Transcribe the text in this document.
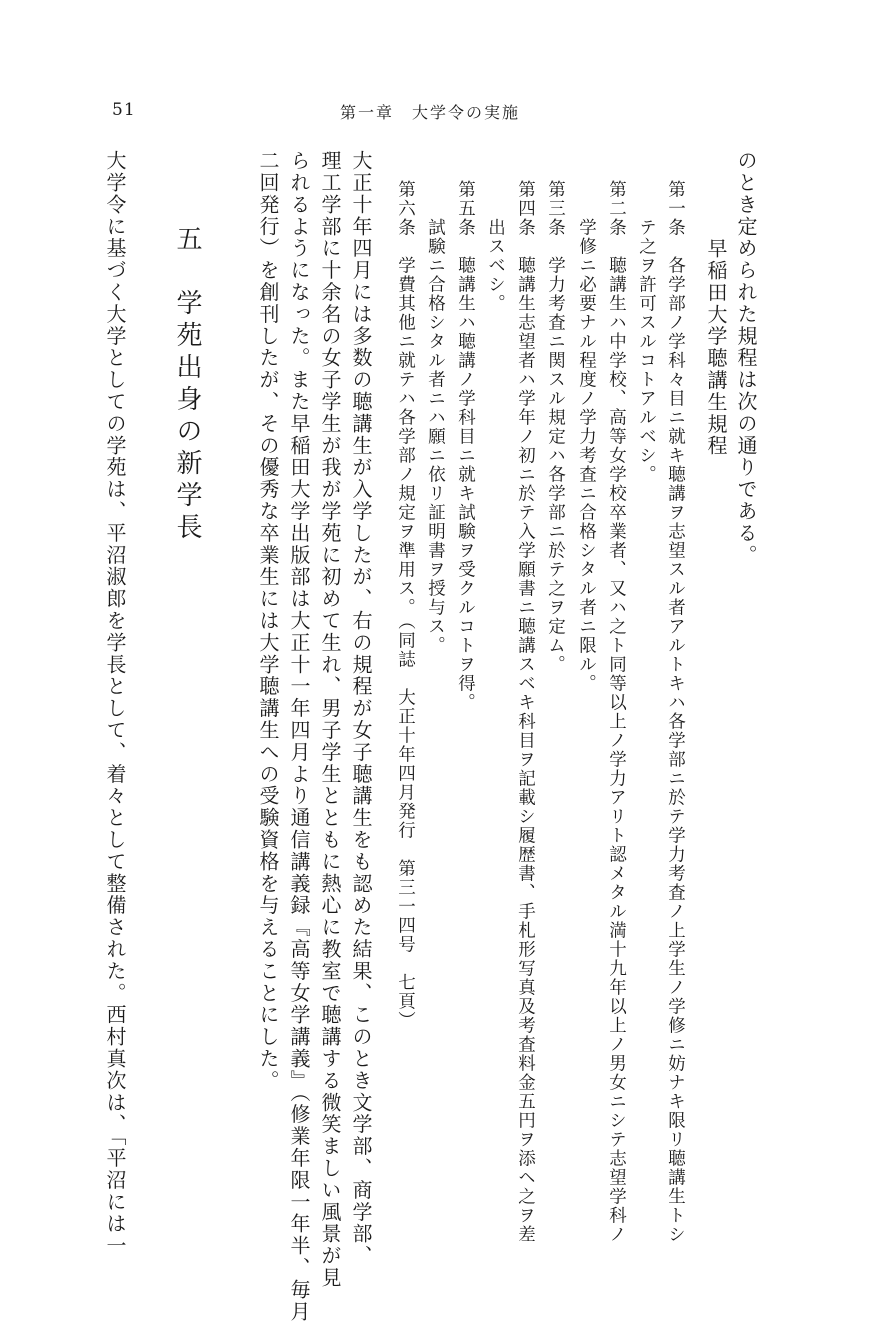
51	第一章　大学令の実施
のとき定められた規程は次の通りである。
早稲田大学聴講生規程
第一条　各学部ノ学科々目ニ就キ聴講ヲ志望スル者アルトキハ各学部ニ於テ学力考査ノ上学生ノ学修ニ妨ナキ限リ聴講生トシ
テ之ヲ許可スルコトアルベシ。
第二条　聴講生ハ中学校、高等女学校卒業者、又ハ之ト同等以上ノ学力アリト認メタル満十九年以上ノ男女ニシテ志望学科ノ
学修ニ必要ナル程度ノ学力考査ニ合格シタル者ニ限ル。
第三条　学力考査ニ関スル規定ハ各学部ニ於テ之ヲ定ム。
第四条　聴講生志望者ハ学年ノ初ニ於テ入学願書ニ聴講スベキ科目ヲ記載シ履歴書、手札形写真及考査料金五円ヲ添ヘ之ヲ差
出スベシ。
第五条　聴講生ハ聴講ノ学科目ニ就キ試験ヲ受クルコトヲ得。
試験ニ合格シタル者ニハ願ニ依リ証明書ヲ授与ス。
第六条　学費其他ニ就テハ各学部ノ規定ヲ準用ス。
（同誌　大正十年四月発行　第三一四号　七頁）
大正十年四月には多数の聴講生が入学したが、右の規程が女子聴講生をも認めた結果、このとき文学部、商学部、
理工学部に十余名の女子学生が我が学苑に初めて生れ、男子学生とともに熱心に教室で聴講する微笑ましい風景が見
られるようになった。また早稲田大学出版部は大正十一年四月より通信講義録『高等女学講義』（修業年限一年半、毎月
二回発行）を創刊したが、その優秀な卒業生には大学聴講生への受験資格を与えることにした。
五　学苑出身の新学長
大学令に基づく大学としての学苑は、平沼淑郎を学長として、着々として整備された。西村真次は、「平沼には一
